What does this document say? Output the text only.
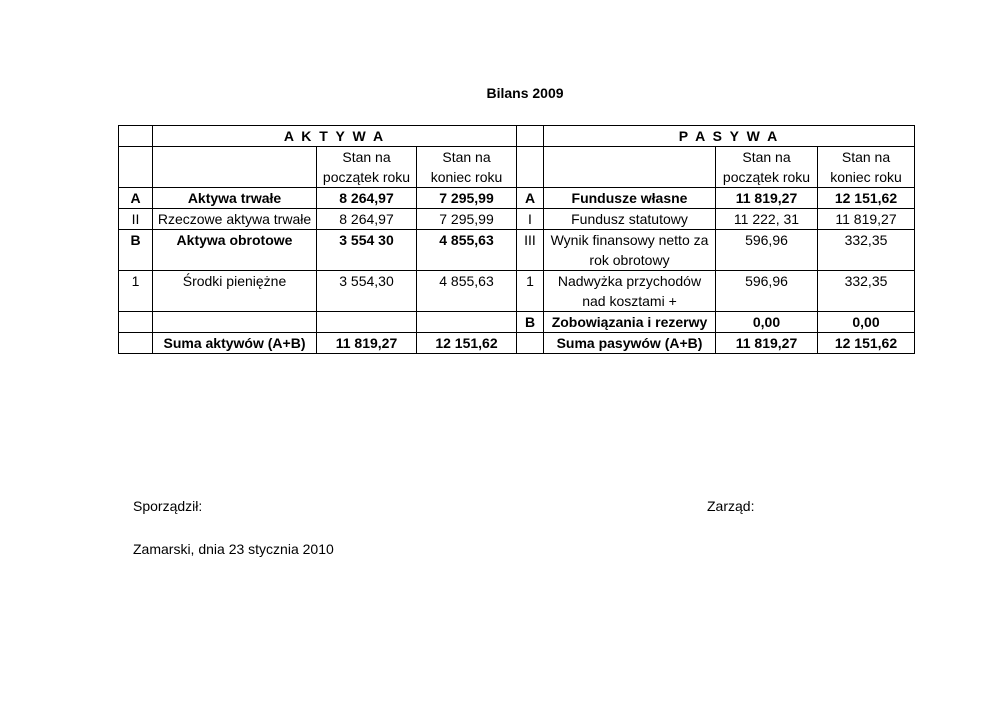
Bilans 2009
	A K T Y W A				P A S Y W A		
		Stan na początek roku	Stan na koniec roku			Stan na początek roku	Stan na koniec roku
A	Aktywa trwałe	8 264,97	7 295,99	A	Fundusze własne	11 819,27	12 151,62
II	Rzeczowe aktywa trwałe	8 264,97	7 295,99	I	Fundusz statutowy	11 222, 31	11 819,27
B	Aktywa obrotowe	3 554 30	4 855,63	III	Wynik finansowy netto za rok obrotowy	596,96	332,35
1	Środki pieniężne	3 554,30	4 855,63	1	Nadwyżka przychodów nad kosztami +	596,96	332,35
				B	Zobowiązania i rezerwy	0,00	0,00
	Suma aktywów (A+B)	11 819,27	12 151,62		Suma pasywów (A+B)	11 819,27	12 151,62
Sporządził:	Zarząd:
Zamarski, dnia 23 stycznia 2010
